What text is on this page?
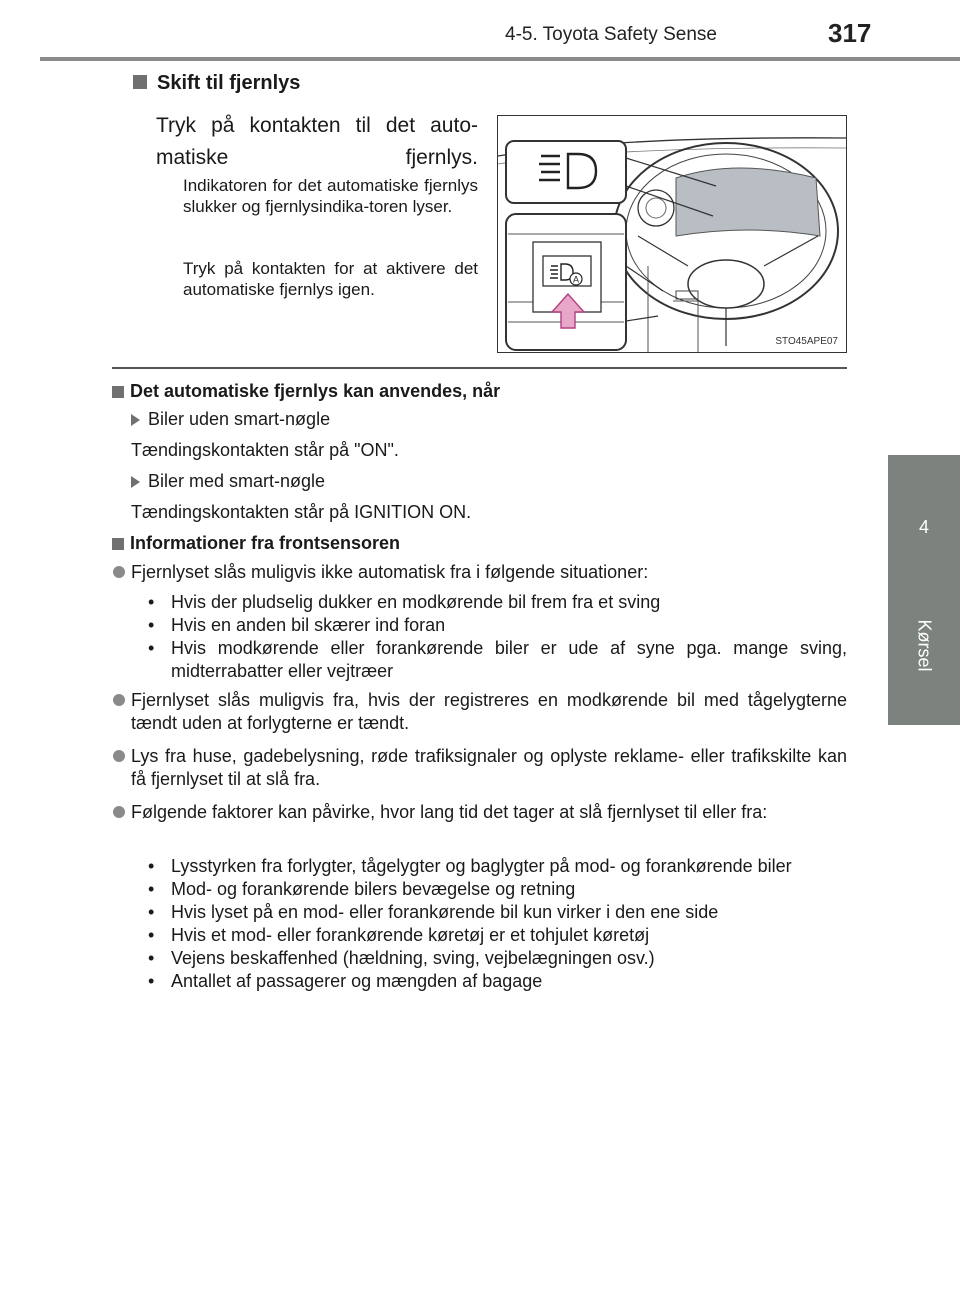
4-5. Toyota Safety Sense	317
4
Kørsel
Skift til fjernlys
Tryk på kontakten til det auto-matiske fjernlys.
Indikatoren for det automatiske fjernlys slukker og fjernlysindika-toren lyser.
Tryk på kontakten for at aktivere det automatiske fjernlys igen.
A
STO45APE07
Det automatiske fjernlys kan anvendes, når
Biler uden smart-nøgle
Tændingskontakten står på "ON".
Biler med smart-nøgle
Tændingskontakten står på IGNITION ON.
Informationer fra frontsensoren
Fjernlyset slås muligvis ikke automatisk fra i følgende situationer:
• Hvis der pludselig dukker en modkørende bil frem fra et sving
• Hvis en anden bil skærer ind foran
• Hvis modkørende eller forankørende biler er ude af syne pga. mange sving, midterrabatter eller vejtræer
Fjernlyset slås muligvis fra, hvis der registreres en modkørende bil med tågelygterne tændt uden at forlygterne er tændt.
Lys fra huse, gadebelysning, røde trafiksignaler og oplyste reklame- eller trafikskilte kan få fjernlyset til at slå fra.
Følgende faktorer kan påvirke, hvor lang tid det tager at slå fjernlyset til eller fra:
• Lysstyrken fra forlygter, tågelygter og baglygter på mod- og forankørende biler
• Mod- og forankørende bilers bevægelse og retning
• Hvis lyset på en mod- eller forankørende bil kun virker i den ene side
• Hvis et mod- eller forankørende køretøj er et tohjulet køretøj
• Vejens beskaffenhed (hældning, sving, vejbelægningen osv.)
• Antallet af passagerer og mængden af bagage
